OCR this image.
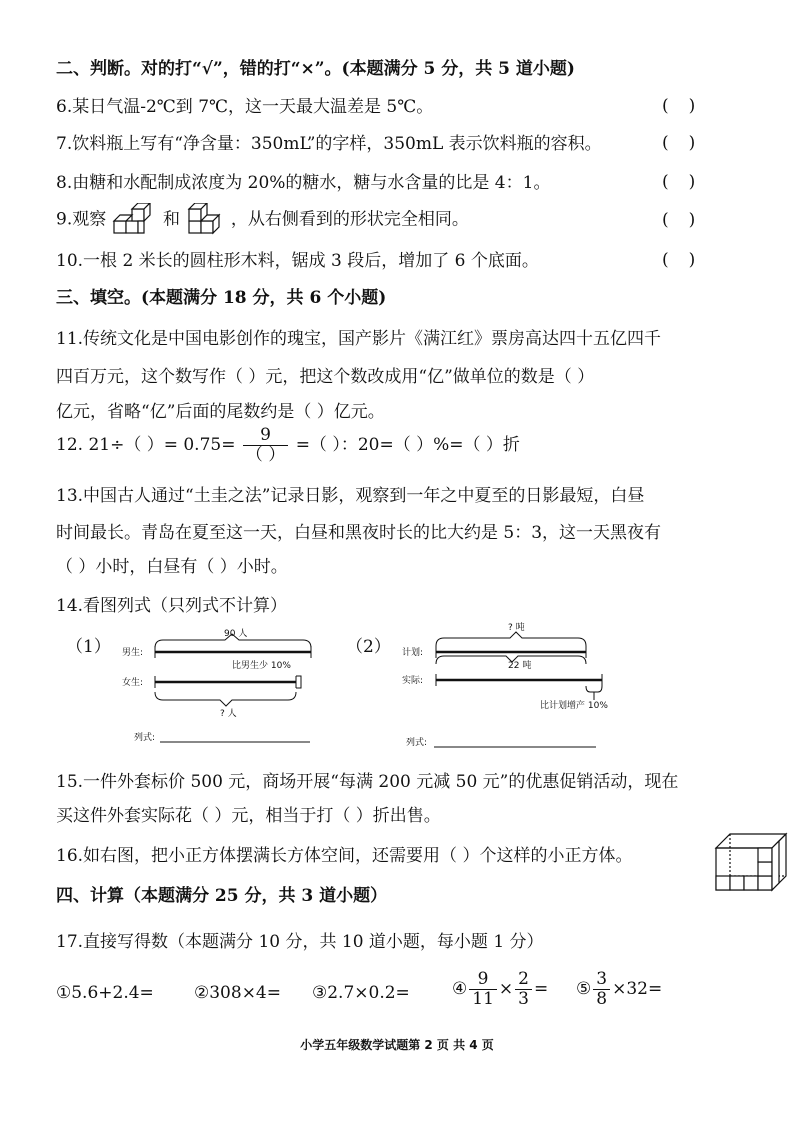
二、判断。对的打“√”，错的打“×”。(本题满分 5 分，共 5 道小题)
6.某日气温-2℃到 7℃，这一天最大温差是 5℃。	()
7.饮料瓶上写有“净含量：350mL”的字样，350mL 表示饮料瓶的容积。	()
8.由糖和水配制成浓度为 20%的糖水，糖与水含量的比是 4：1。	()
9.观察	和	，从右侧看到的形状完全相同。	()
10.一根 2 米长的圆柱形木料，锯成 3 段后，增加了 6 个底面。	()
三、填空。(本题满分 18 分，共 6 个小题)
11.传统文化是中国电影创作的瑰宝，国产影片《满江红》票房高达四十五亿四千
四百万元，这个数写作（ ）元，把这个数改成用“亿”做单位的数是（ ）
亿元，省略“亿”后面的尾数约是（ ）亿元。
12. 21÷（ ）= $0.75= \frac{9}{( )}$ =（ ）：20=（ ）%=（ ）折
13.中国古人通过“土圭之法”记录日影，观察到一年之中夏至的日影最短，白昼
时间最长。青岛在夏至这一天，白昼和黑夜时长的比大约是 5：3，这一天黑夜有
（ ）小时，白昼有（ ）小时。
14.看图列式（只列式不计算）
（1）
90 人
男生:
比男生少 10%
女生:
? 人
列式:
（2）
? 吨
计划:
22 吨
实际:
比计划增产 10%
列式:
15.一件外套标价 500 元，商场开展“每满 200 元减 50 元”的优惠促销活动，现在
买这件外套实际花（ ）元，相当于打（ ）折出售。
16.如右图，把小正方体摆满长方体空间，还需要用（ ）个这样的小正方体。
四、计算（本题满分 25 分，共 3 道小题）
17.直接写得数（本题满分 10 分，共 10 道小题，每小题 1 分）
①5.6+2.4= ②308×4= ③2.7×0.2= ④ $\frac{9}{11} \times \frac{2}{3}$ = ⑤ $\frac{3}{8} \times 32=$
小学五年级数学试题第 2 页 共 4 页
